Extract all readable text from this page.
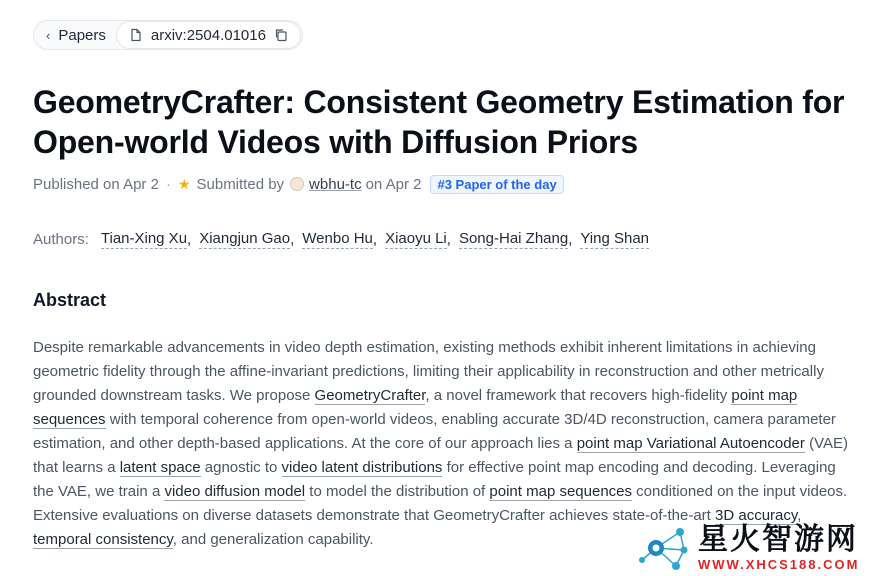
‹ Papers	arxiv:2504.01016
GeometryCrafter: Consistent Geometry Estimation for Open-world Videos with Diffusion Priors
Published on Apr 2 · ★ Submitted by wbhu-tc on Apr 2	#3 Paper of the day
Authors: Tian-Xing Xu , Xiangjun Gao , Wenbo Hu , Xiaoyu Li , Song-Hai Zhang , Ying Shan
Abstract

Despite remarkable advancements in video depth estimation, existing methods exhibit inherent limitations in achieving geometric fidelity through the affine-invariant predictions, limiting their applicability in reconstruction and other metrically grounded downstream tasks. We propose GeometryCrafter, a novel framework that recovers high-fidelity point map sequences with temporal coherence from open-world videos, enabling accurate 3D/4D reconstruction, camera parameter estimation, and other depth-based applications. At the core of our approach lies a point map Variational Autoencoder (VAE) that learns a latent space agnostic to video latent distributions for effective point map encoding and decoding. Leveraging the VAE, we train a video diffusion model to model the distribution of point map sequences conditioned on the input videos. Extensive evaluations on diverse datasets demonstrate that GeometryCrafter achieves state-of-the-art 3D accuracy, temporal consistency, and generalization capability.	星火智游网
WWW.XHCS188.COM
